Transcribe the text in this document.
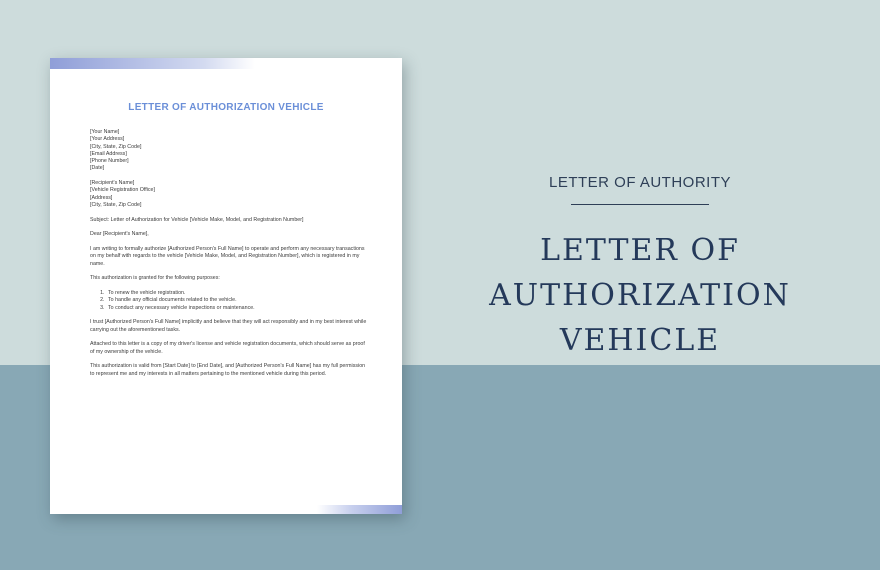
LETTER OF AUTHORIZATION VEHICLE
[Your Name]
[Your Address]
[City, State, Zip Code]
[Email Address]
[Phone Number]
[Date]
[Recipient's Name]
[Vehicle Registration Office]
[Address]
[City, State, Zip Code]

Subject: Letter of Authorization for Vehicle [Vehicle Make, Model, and Registration Number]

Dear [Recipient's Name],

I am writing to formally authorize [Authorized Person's Full Name] to operate and perform any necessary transactions on my behalf with regards to the vehicle [Vehicle Make, Model, and Registration Number], which is registered in my name.

This authorization is granted for the following purposes:

1. To renew the vehicle registration.
2. To handle any official documents related to the vehicle.
3. To conduct any necessary vehicle inspections or maintenance.

I trust [Authorized Person's Full Name] implicitly and believe that they will act responsibly and in my best interest while carrying out the aforementioned tasks.

Attached to this letter is a copy of my driver's license and vehicle registration documents, which should serve as proof of my ownership of the vehicle.

This authorization is valid from [Start Date] to [End Date], and [Authorized Person's Full Name] has my full permission to represent me and my interests in all matters pertaining to the mentioned vehicle during this period.

LETTER OF AUTHORITY
LETTER OF
AUTHORIZATION
VEHICLE
